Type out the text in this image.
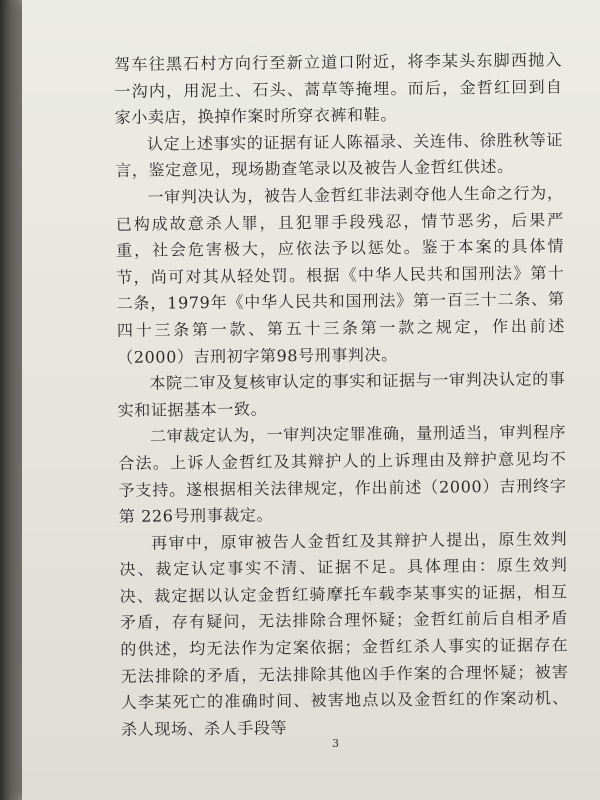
驾车往黑石村方向行至新立道口附近，将李某头东脚西抛入一沟内，用泥土、石头、蒿草等掩埋。而后，金哲红回到自家小卖店，换掉作案时所穿衣裤和鞋。

认定上述事实的证据有证人陈福录、关连伟、徐胜秋等证言，鉴定意见，现场勘查笔录以及被告人金哲红供述。

一审判决认为，被告人金哲红非法剥夺他人生命之行为，已构成故意杀人罪，且犯罪手段残忍，情节恶劣，后果严重，社会危害极大，应依法予以惩处。鉴于本案的具体情节，尚可对其从轻处罚。根据《中华人民共和国刑法》第十二条，1979年《中华人民共和国刑法》第一百三十二条、第四十三条第一款、第五十三条第一款之规定，作出前述（2000）吉刑初字第98号刑事判决。

本院二审及复核审认定的事实和证据与一审判决认定的事实和证据基本一致。

二审裁定认为，一审判决定罪准确，量刑适当，审判程序合法。上诉人金哲红及其辩护人的上诉理由及辩护意见均不予支持。遂根据相关法律规定，作出前述（2000）吉刑终字第 226号刑事裁定。

再审中，原审被告人金哲红及其辩护人提出，原生效判决、裁定认定事实不清、证据不足。具体理由：原生效判决、裁定据以认定金哲红骑摩托车载李某事实的证据，相互矛盾，存有疑问，无法排除合理怀疑；金哲红前后自相矛盾的供述，均无法作为定案依据；金哲红杀人事实的证据存在无法排除的矛盾，无法排除其他凶手作案的合理怀疑；被害人李某死亡的准确时间、被害地点以及金哲红的作案动机、杀人现场、杀人手段等

3
